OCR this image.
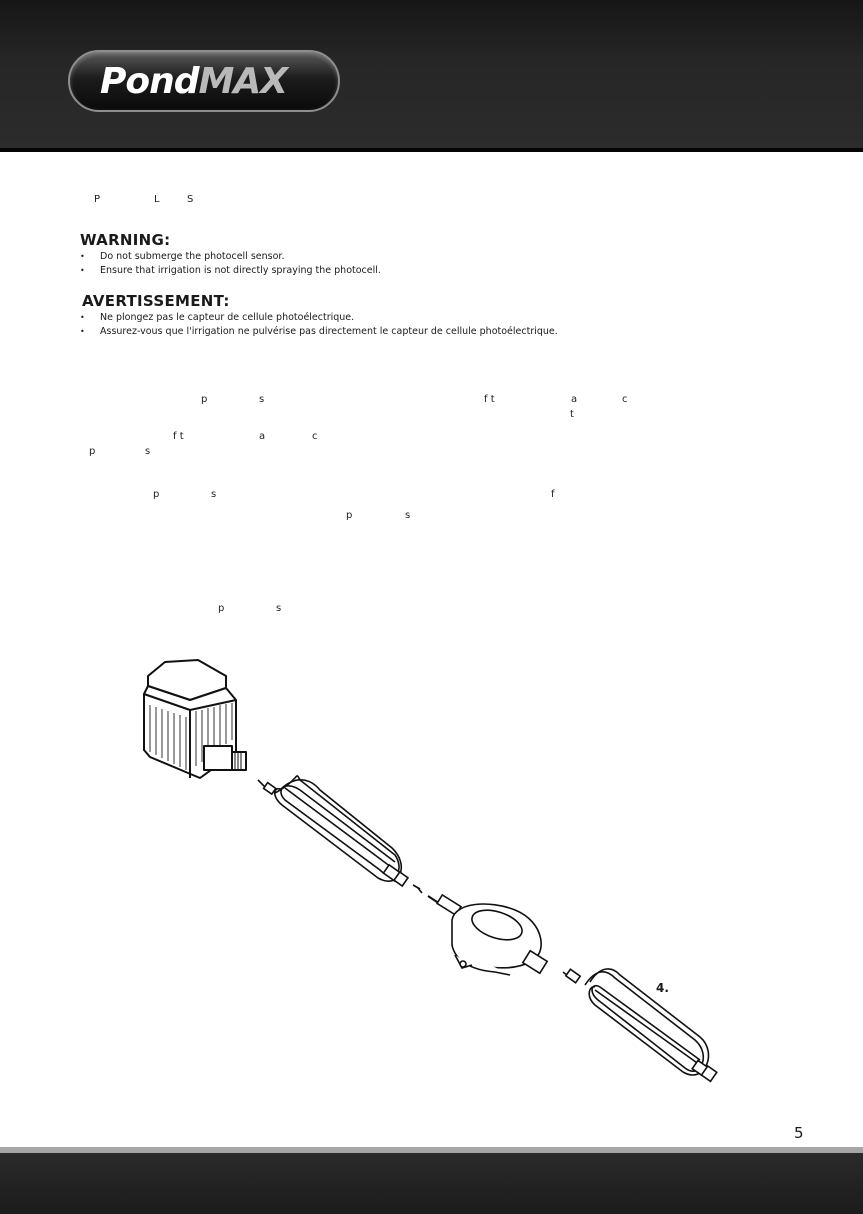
PondMAX
P	L	S
WARNING:
• Do not submerge the photocell sensor.
• Ensure that irrigation is not directly spraying the photocell.
AVERTISSEMENT:
• Ne plongez pas le capteur de cellule photoélectrique.
• Assurez-vous que l'irrigation ne pulvérise pas directement le capteur de cellule photoélectrique.
p	s	f t	a	c
t
f t	a	c
p	s
p	s	f
p	s
p	s
4.
5
